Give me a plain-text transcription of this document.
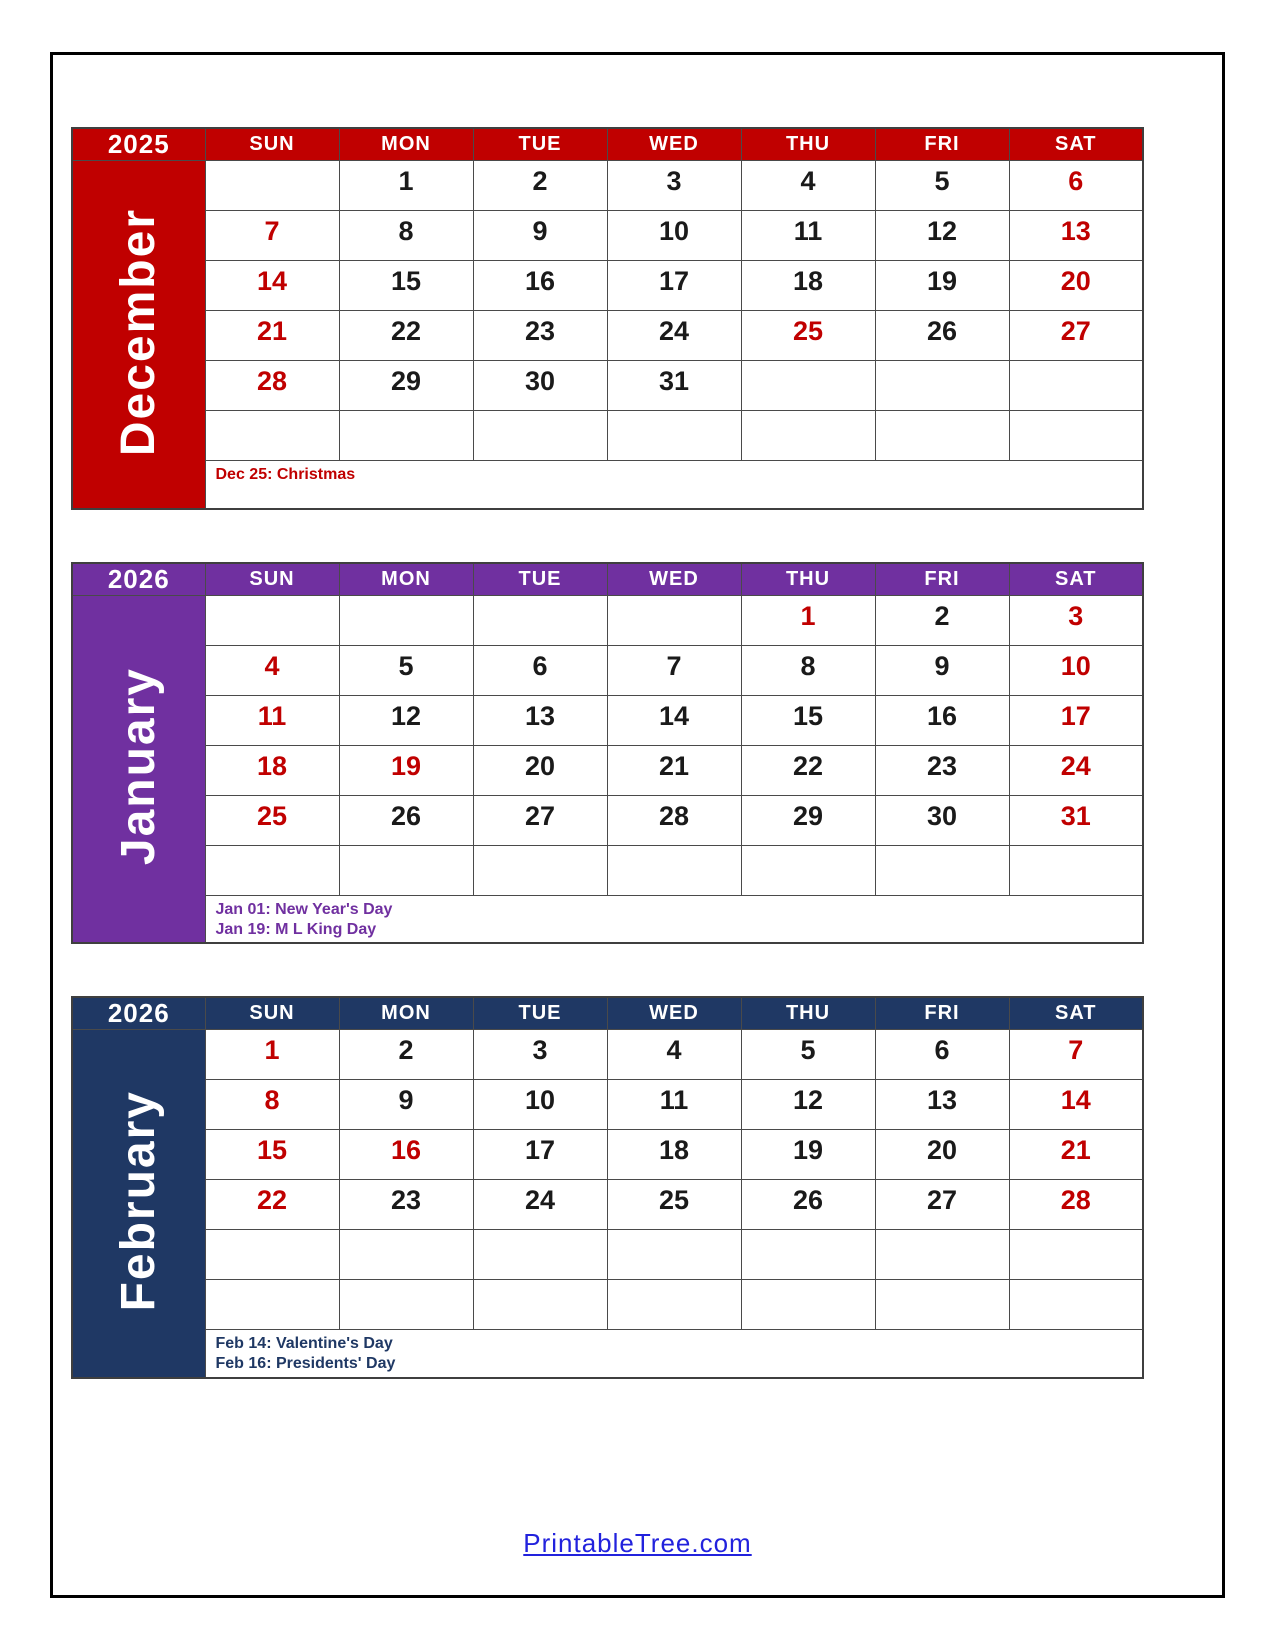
2025	SUN	MON	TUE	WED	THU	FRI	SAT
December		1	2	3	4	5	6
	7	8	9	10	11	12	13
	14	15	16	17	18	19	20
	21	22	23	24	25	26	27
	28	29	30	31			

	Dec 25: Christmas						
2026	SUN	MON	TUE	WED	THU	FRI	SAT
January					1	2	3
	4	5	6	7	8	9	10
	11	12	13	14	15	16	17
	18	19	20	21	22	23	24
	25	26	27	28	29	30	31

	Jan 01: New Year's Day
Jan 19: M L King Day						
2026	SUN	MON	TUE	WED	THU	FRI	SAT
February	1	2	3	4	5	6	7
	8	9	10	11	12	13	14
	15	16	17	18	19	20	21
	22	23	24	25	26	27	28

	Feb 14: Valentine's Day
Feb 16: Presidents' Day						
PrintableTree.com
